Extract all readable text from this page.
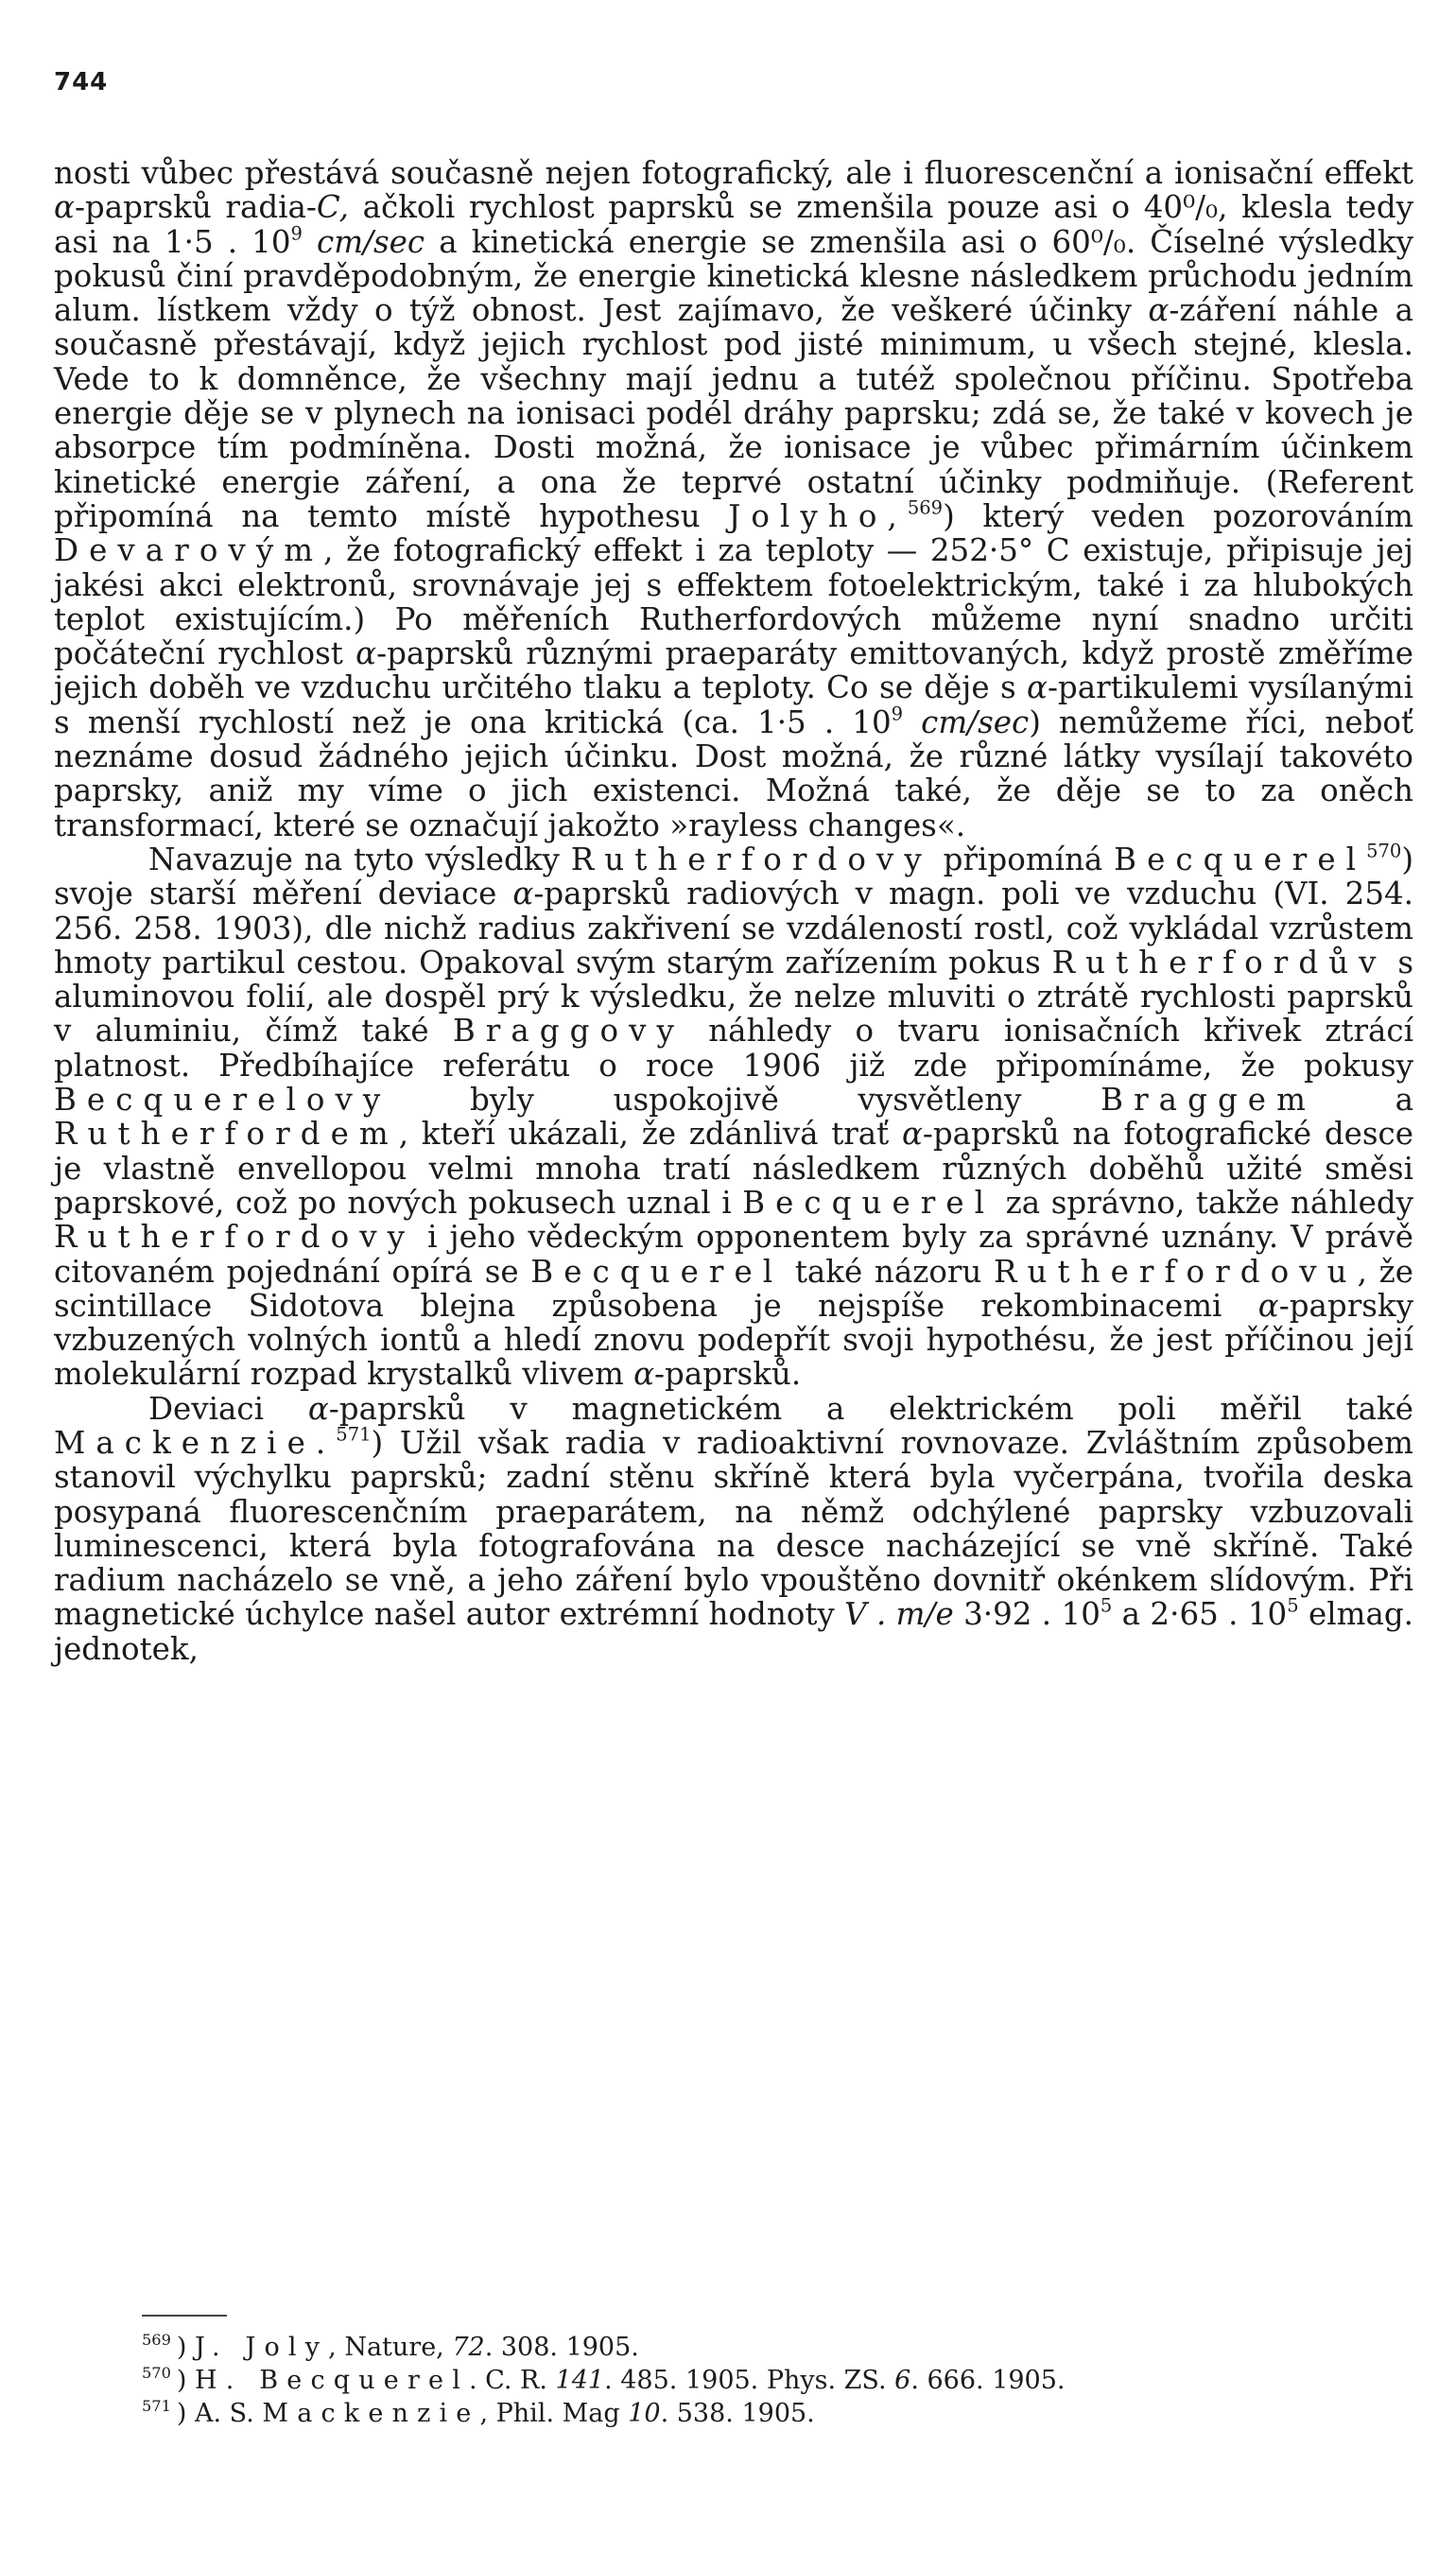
744

nosti vůbec přestává současně nejen fotografický, ale i fluorescenční a ionisační effekt α-paprsků radia-C, ačkoli rychlost paprsků se zmenšila pouze asi o 40⁰/₀, klesla tedy asi na 1·5 . $10^9$ cm/sec a kinetická energie se zmenšila asi o 60⁰/₀. Číselné výsledky pokusů činí pravděpodobným, že energie kinetická klesne následkem průchodu jedním alum. lístkem vždy o týž obnost. Jest zajímavo, že veškeré účinky α-záření náhle a současně přestávají, když jejich rychlost pod jisté minimum, u všech stejné, klesla. Vede to k domněnce, že všechny mají jednu a tutéž společnou příčinu. Spotřeba energie děje se v plynech na ionisaci podél dráhy paprsku; zdá se, že také v kovech je absorpce tím podmíněna. Dosti možná, že ionisace je vůbec přimárním účinkem kinetické energie záření, a ona že teprvé ostatní účinky podmiňuje. (Referent připomíná na temto místě hypothesu Jolyho,$^{569}$) který veden pozorováním Devarovým, že fotografický effekt i za teploty — 252·5° C existuje, připisuje jej jakési akci elektronů, srovnávaje jej s effektem fotoelektrickým, také i za hlubokých teplot existujícím.) Po měřeních Rutherfordových můžeme nyní snadno určiti počáteční rychlost α-paprsků různými praeparáty emittovaných, když prostě změříme jejich doběh ve vzduchu určitého tlaku a teploty. Co se děje s α-partikulemi vysílanými s menší rychlostí než je ona kritická (ca. 1·5 . $10^9$ cm/sec) nemůžeme říci, neboť neznáme dosud žádného jejich účinku. Dost možná, že různé látky vysílají takovéto paprsky, aniž my víme o jich existenci. Možná také, že děje se to za oněch transformací, které se označují jakožto »rayless changes«.

Navazuje na tyto výsledky Rutherfordovy připomíná Becquerel$^{570}$) svoje starší měření deviace α-paprsků radiových v magn. poli ve vzduchu (VI. 254. 256. 258. 1903), dle nichž radius zakřivení se vzdáleností rostl, což vykládal vzrůstem hmoty partikul cestou. Opakoval svým starým zařízením pokus Rutherfordův s aluminovou folií, ale dospěl prý k výsledku, že nelze mluviti o ztrátě rychlosti paprsků v aluminiu, čímž také Braggovy náhledy o tvaru ionisačních křivek ztrácí platnost. Předbíhajíce referátu o roce 1906 již zde připomínáme, že pokusy Becquerelovy byly uspokojivě vysvětleny Braggem a Rutherfordem, kteří ukázali, že zdánlivá trať α-paprsků na fotografické desce je vlastně envellopou velmi mnoha tratí následkem různých doběhů užité směsi paprskové, což po nových pokusech uznal i Becquerel za správno, takže náhledy Rutherfordovy i jeho vědeckým opponentem byly za správné uznány. V právě citovaném pojednání opírá se Becquerel také názoru Rutherfordovu, že scintillace Sidotova blejna způsobena je nejspíše rekombinacemi α-paprsky vzbuzených volných iontů a hledí znovu podepřít svoji hypothésu, že jest příčinou její molekulární rozpad krystalků vlivem α-paprsků.

Deviaci α-paprsků v magnetickém a elektrickém poli měřil také Mackenzie.$^{571}$) Užil však radia v radioaktivní rovnovaze. Zvláštním způsobem stanovil výchylku paprsků; zadní stěnu skříně která byla vyčerpána, tvořila deska posypaná fluorescenčním praeparátem, na němž odchýlené paprsky vzbuzovali luminescenci, která byla fotografována na desce nacházející se vně skříně. Také radium nacházelo se vně, a jeho záření bylo vpouštěno dovnitř okénkem slídovým. Při magnetické úchylce našel autor extrémní hodnoty V . m/e 3·92 . $10^5$ a 2·65 . $10^5$ elmag. jednotek,

$^{569}$ ) J. Joly, Nature, 72. 308. 1905.
$^{570}$ ) H. Becquerel. C. R. 141. 485. 1905. Phys. ZS. 6. 666. 1905.
$^{571}$ ) A. S. Mackenzie, Phil. Mag 10. 538. 1905.
